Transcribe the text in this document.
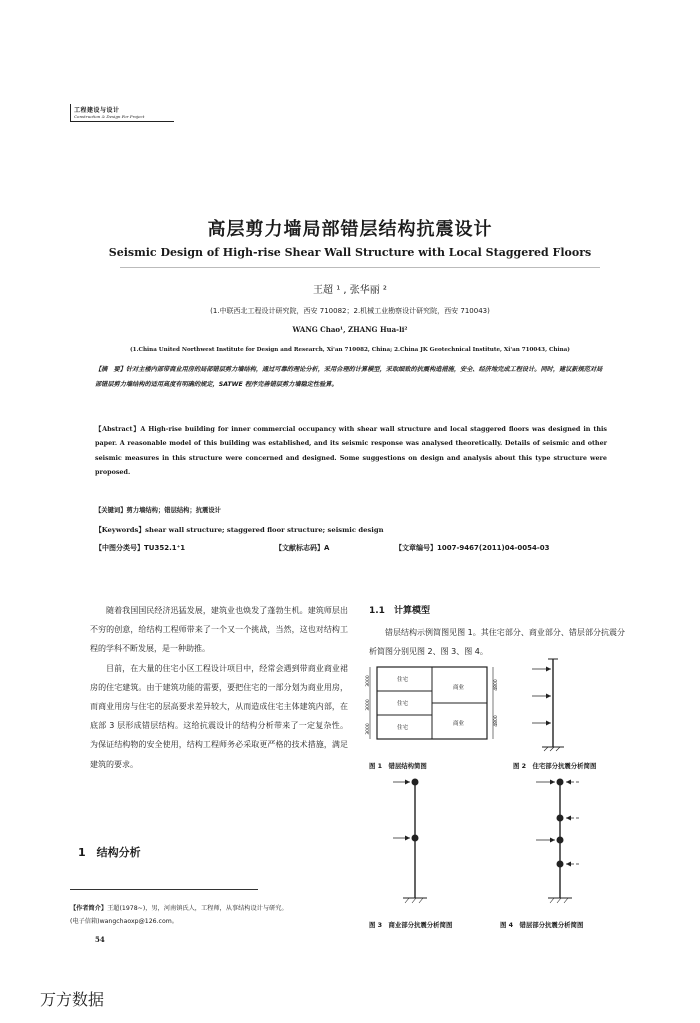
工程建设与设计
Construction & Design For Project
高层剪力墙局部错层结构抗震设计
Seismic Design of High-rise Shear Wall Structure with Local Staggered Floors
王超 ¹ , 张华丽 ²
(1.中联西北工程设计研究院，西安 710082；2.机械工业勘察设计研究院，西安 710043)
WANG Chao¹, ZHANG Hua-li²
(1.China United Northwest Institute for Design and Research, Xi'an 710082, China; 2.China JK Geotechnical Institute, Xi'an 710043, China)
【摘　要】针对主楼内部带商业用房的局部错层剪力墙结构，通过可靠的理论分析，采用合理的计算模型，采取细致的抗震构造措施，安全、经济地完成工程设计。同时，建议新规范对局部错层剪力墙结构的适用高度有明确的规定，SATWE 程序完善错层剪力墙稳定性验算。
【Abstract】A High-rise building for inner commercial occupancy with shear wall structure and local staggered floors was designed in this paper. A reasonable model of this building was established, and its seismic response was analysed theoretically. Details of seismic and other seismic measures in this structure were concerned and designed. Some suggestions on design and analysis about this type structure were proposed.
【关键词】剪力墙结构；错层结构；抗震设计
【Keywords】shear wall structure; staggered floor structure; seismic design
【中图分类号】TU352.1⁺1	【文献标志码】A	【文章编号】1007-9467(2011)04-0054-03

随着我国国民经济迅猛发展，建筑业也焕发了蓬勃生机。建筑师层出不穷的创意，给结构工程师带来了一个又一个挑战，当然，这也对结构工程的学科不断发展，是一种助推。

目前，在大量的住宅小区工程设计项目中，经常会遇到带商业商业裙房的住宅建筑。由于建筑功能的需要，要把住宅的一部分划为商业用房，而商业用房与住宅的层高要求差异较大，从而造成住宅主体建筑内部，在底部 3 层形成错层结构。这给抗震设计的结构分析带来了一定复杂性。为保证结构物的安全使用，结构工程师务必采取更严格的技术措施，满足建筑的要求。

1　结构分析
【作者简介】王超(1978~)，男，河南镇氏人，工程师，从事结构设计与研究。
(电子信箱)wangchaoxp@126.com。
54
1.1　计算模型
错层结构示例简图见图 1。其住宅部分、商业部分、错层部分抗震分析简图分别见图 2、图 3、图 4。
3000
3000
3000
4800
4800
住宅
住宅
住宅
商业
商业
图 1　错层结构简图	图 2　住宅部分抗震分析简图
图 3　商业部分抗震分析简图	图 4　错层部分抗震分析简图
万方数据
